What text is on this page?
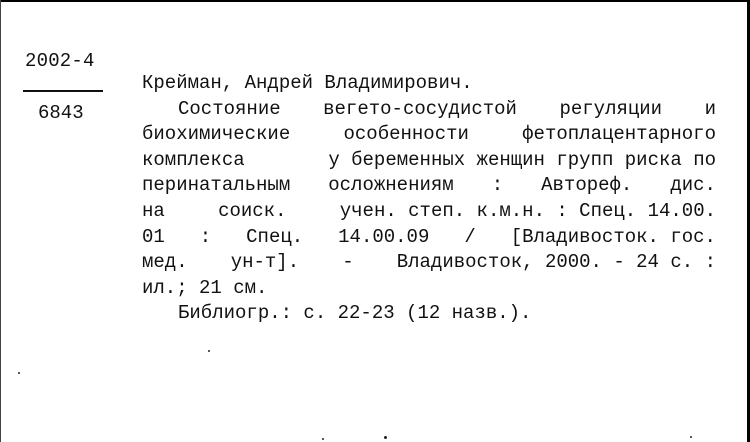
2002-4
6843
Крейман, Андрей Владимирович.
Состояние вегето-сосудистой регуляции и
биохимические	особенности	фетоплацентарного
комплекса	у беременных женщин групп риска по
перинатальным осложнениям : Автореф. дис.
на	соиск.	учен. степ. к.м.н. : Спец. 14.00.
01 : Спец. 14.00.09 / [Владивосток. гос.
мед. ун-т]. - Владивосток, 2000. - 24 с. :
ил.; 21 см.
Библиогр.: с. 22-23 (12 назв.).
